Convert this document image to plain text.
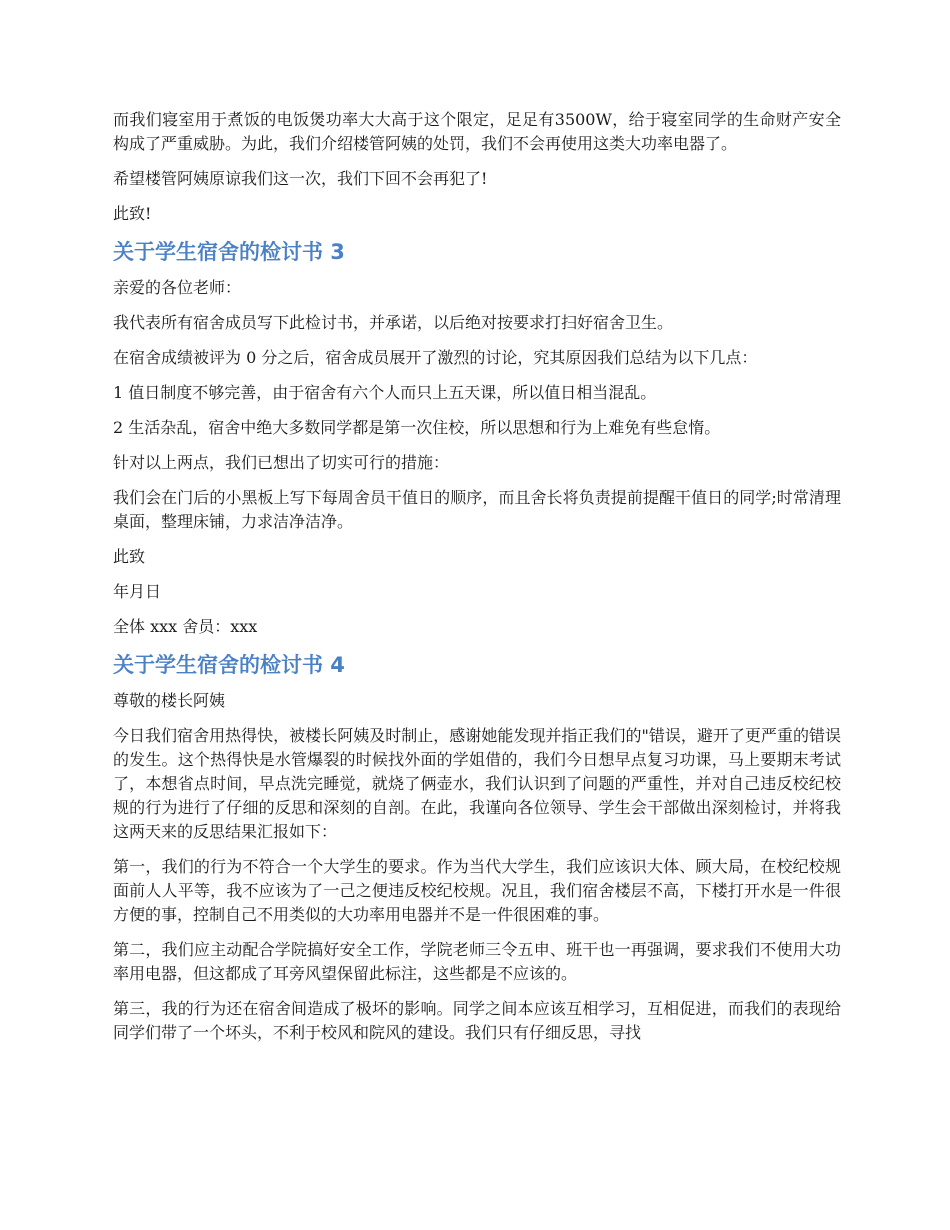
而我们寝室用于煮饭的电饭煲功率大大高于这个限定，足足有3500W，给于寝室同学的生命财产安全构成了严重威胁。为此，我们介绍楼管阿姨的处罚，我们不会再使用这类大功率电器了。

希望楼管阿姨原谅我们这一次，我们下回不会再犯了!

此致!

关于学生宿舍的检讨书 3

亲爱的各位老师：

我代表所有宿舍成员写下此检讨书，并承诺，以后绝对按要求打扫好宿舍卫生。

在宿舍成绩被评为 0 分之后，宿舍成员展开了激烈的讨论，究其原因我们总结为以下几点：

1 值日制度不够完善，由于宿舍有六个人而只上五天课，所以值日相当混乱。

2 生活杂乱，宿舍中绝大多数同学都是第一次住校，所以思想和行为上难免有些怠惰。

针对以上两点，我们已想出了切实可行的措施：

我们会在门后的小黑板上写下每周舍员干值日的顺序，而且舍长将负责提前提醒干值日的同学;时常清理桌面，整理床铺，力求洁净洁净。

此致

年月日

全体 xxx 舍员：xxx

关于学生宿舍的检讨书 4

尊敬的楼长阿姨

今日我们宿舍用热得快，被楼长阿姨及时制止，感谢她能发现并指正我们的"错误，避开了更严重的错误的发生。这个热得快是水管爆裂的时候找外面的学姐借的，我们今日想早点复习功课，马上要期末考试了，本想省点时间，早点洗完睡觉，就烧了俩壶水，我们认识到了问题的严重性，并对自己违反校纪校规的行为进行了仔细的反思和深刻的自剖。在此，我谨向各位领导、学生会干部做出深刻检讨，并将我这两天来的反思结果汇报如下：

第一，我们的行为不符合一个大学生的要求。作为当代大学生，我们应该识大体、顾大局，在校纪校规面前人人平等，我不应该为了一己之便违反校纪校规。况且，我们宿舍楼层不高，下楼打开水是一件很方便的事，控制自己不用类似的大功率用电器并不是一件很困难的事。

第二，我们应主动配合学院搞好安全工作，学院老师三令五申、班干也一再强调，要求我们不使用大功率用电器，但这都成了耳旁风望保留此标注，这些都是不应该的。

第三，我的行为还在宿舍间造成了极坏的影响。同学之间本应该互相学习，互相促进，而我们的表现给同学们带了一个坏头，不利于校风和院风的建设。我们只有仔细反思，寻找
